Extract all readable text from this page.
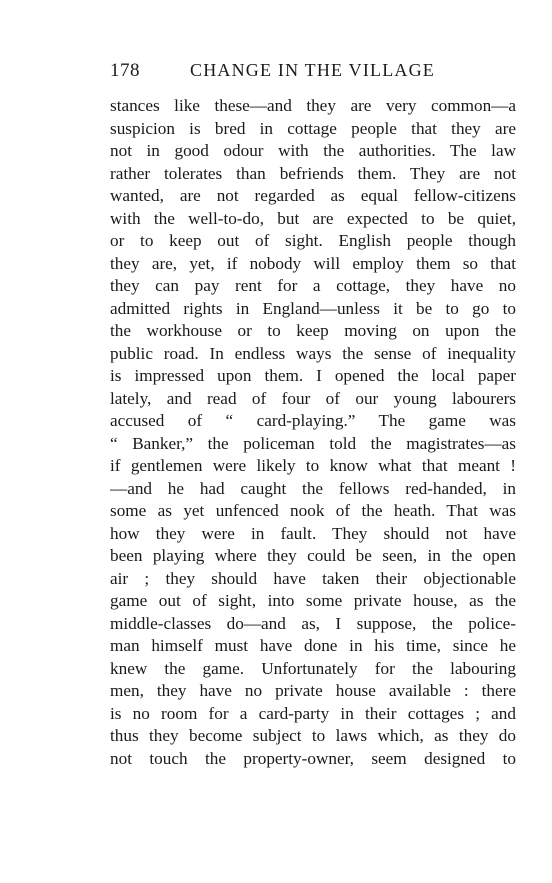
178	CHANGE IN THE VILLAGE
stances like these—and they are very common—a
suspicion is bred in cottage people that they are
not in good odour with the authorities. The law
rather tolerates than befriends them. They are not
wanted, are not regarded as equal fellow-citizens
with the well-to-do, but are expected to be quiet,
or to keep out of sight. English people though
they are, yet, if nobody will employ them so that
they can pay rent for a cottage, they have no
admitted rights in England—unless it be to go to
the workhouse or to keep moving on upon the
public road. In endless ways the sense of inequality
is impressed upon them. I opened the local paper
lately, and read of four of our young labourers
accused of “ card-playing.” The game was
“ Banker,” the policeman told the magistrates—as
if gentlemen were likely to know what that meant !
—and he had caught the fellows red-handed, in
some as yet unfenced nook of the heath. That was
how they were in fault. They should not have
been playing where they could be seen, in the open
air ; they should have taken their objectionable
game out of sight, into some private house, as the
middle-classes do—and as, I suppose, the police-
man himself must have done in his time, since he
knew the game. Unfortunately for the labouring
men, they have no private house available : there
is no room for a card-party in their cottages ; and
thus they become subject to laws which, as they do
not touch the property-owner, seem designed to
